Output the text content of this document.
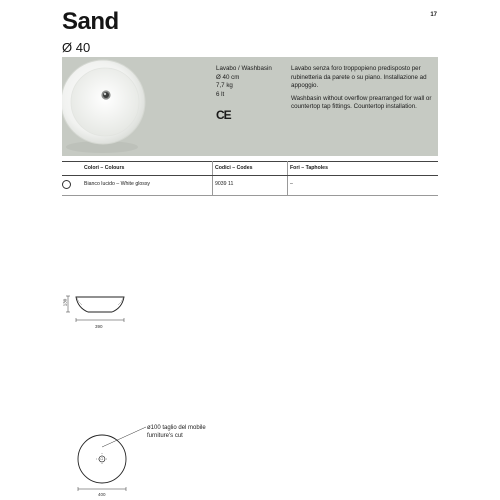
Sand
Ø 40
17
Lavabo / Washbasin
Ø 40 cm
7,7 kg
6 lt
CE

Lavabo senza foro troppopieno predisposto per rubinetteria da parete o su piano. Installazione ad appoggio.

Washbasin without overflow prearranged for wall or countertop tap fittings. Countertop installation.

Colori – Colours	Codici – Codes	Fori – Tapholes
Bianco lucido – White glossy	9039 11	–
130
390
ø100 taglio del mobile
furniture's cut
400
